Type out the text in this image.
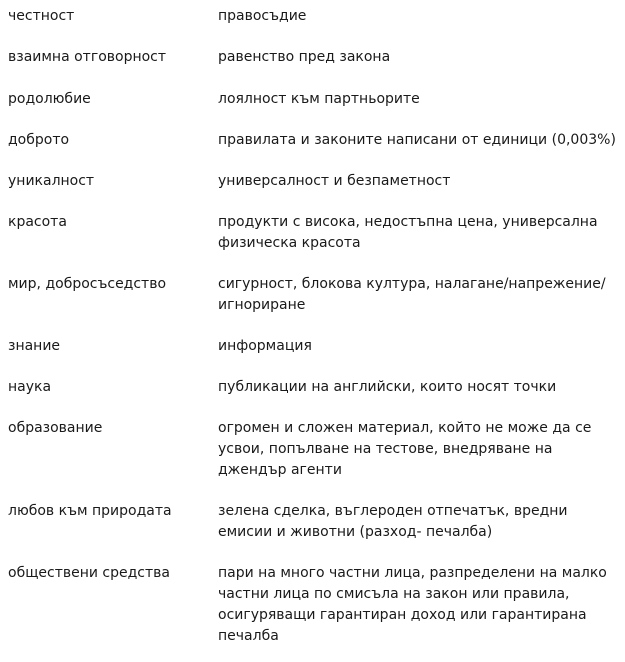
честност	правосъдие
взаимна отговорност	равенство пред закона
родолюбие	лоялност към партньорите
доброто	правилата и законите написани от единици (0,003%)
уникалност	универсалност и безпаметност
красота	продукти с висока, недостъпна цена, универсална физическа красота
мир, добросъседство	сигурност, блокова култура, налагане/напрежение/ игнориране
знание	информация
наука	публикации на английски, които носят точки
образование	огромен и сложен материал, който не може да се усвои, попълване на тестове, внедряване на джендър агенти
любов към природата	зелена сделка, въглероден отпечатък, вредни емисии и животни (разход- печалба)
обществени средства	пари на много частни лица, разпределени на малко частни лица по смисъла на закон или правила, осигуряващи гарантиран доход или гарантирана печалба
